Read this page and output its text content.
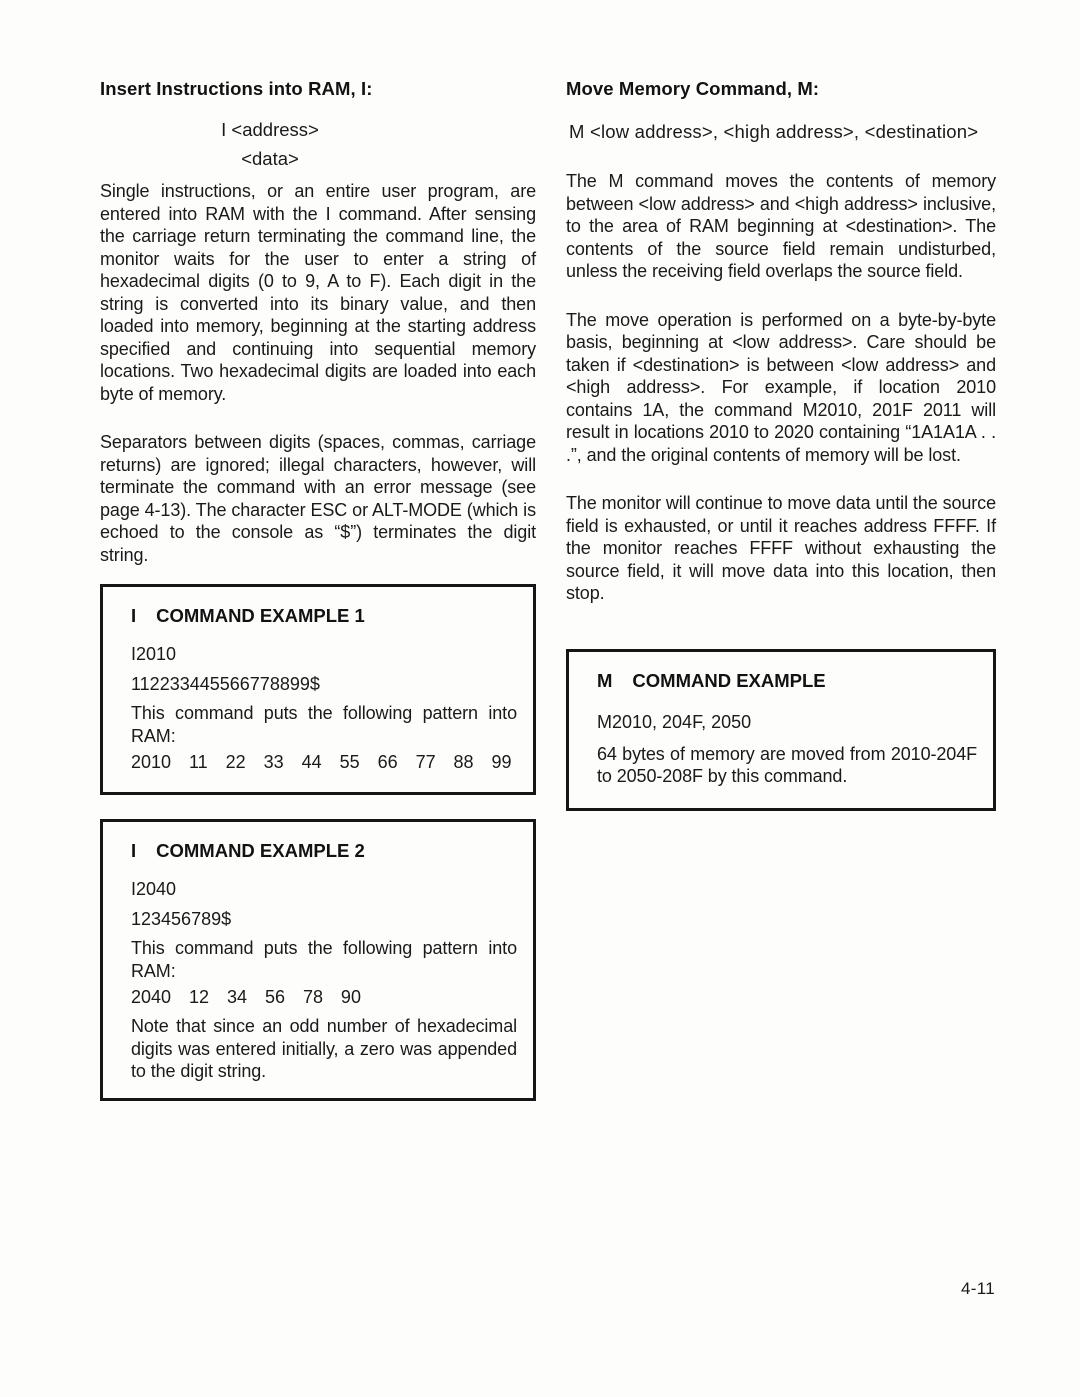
Insert Instructions into RAM, I:
I <address>
<data>

Single instructions, or an entire user program, are entered into RAM with the I command. After sensing the carriage return terminating the command line, the monitor waits for the user to enter a string of hexadecimal digits (0 to 9, A to F). Each digit in the string is converted into its binary value, and then loaded into memory, beginning at the starting address specified and continuing into sequential memory locations. Two hexadecimal digits are loaded into each byte of memory.

Separators between digits (spaces, commas, carriage returns) are ignored; illegal characters, however, will terminate the command with an error message (see page 4-13). The character ESC or ALT-MODE (which is echoed to the console as “$”) terminates the digit string.

I COMMAND EXAMPLE 1
I2010
112233445566778899$

This command puts the following pattern into RAM:

2010 11 22 33 44 55 66 77 88 99
I COMMAND EXAMPLE 2
I2040
123456789$

This command puts the following pattern into RAM:

2040 12 34 56 78 90

Note that since an odd number of hexadecimal digits was entered initially, a zero was appended to the digit string.

Move Memory Command, M:
M <low address>, <high address>, <destination>

The M command moves the contents of memory between <low address> and <high address> inclusive, to the area of RAM beginning at <destination>. The contents of the source field remain undisturbed, unless the receiving field overlaps the source field.

The move operation is performed on a byte-by-byte basis, beginning at <low address>. Care should be taken if <destination> is between <low address> and <high address>. For example, if location 2010 contains 1A, the command M2010, 201F 2011 will result in locations 2010 to 2020 containing “1A1A1A . . .”, and the original contents of memory will be lost.

The monitor will continue to move data until the source field is exhausted, or until it reaches address FFFF. If the monitor reaches FFFF without exhausting the source field, it will move data into this location, then stop.

M COMMAND EXAMPLE
M2010, 204F, 2050

64 bytes of memory are moved from 2010-204F to 2050-208F by this command.

4-11
